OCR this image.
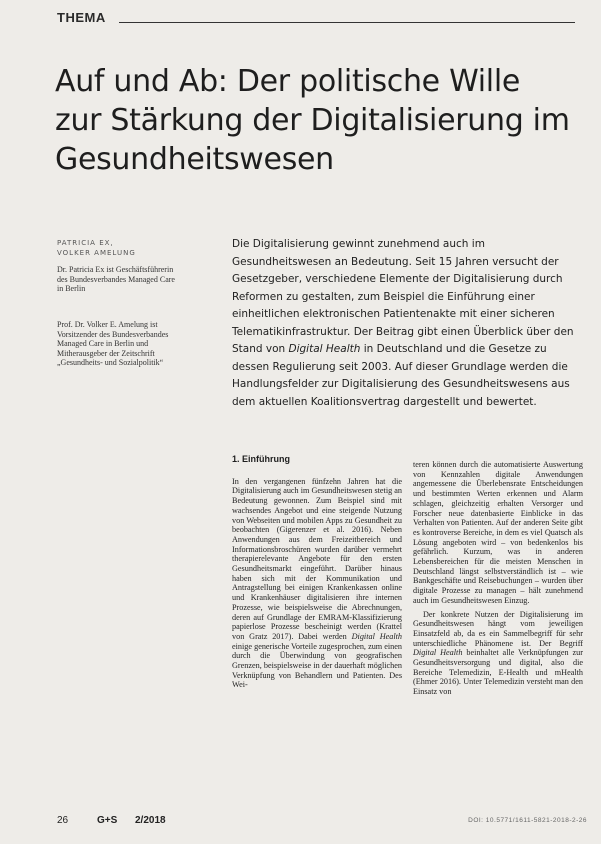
THEMA
Auf und Ab: Der politische Wille zur Stärkung der Digitalisierung im Gesundheitswesen
PATRICIA EX,
VOLKER AMELUNG
Dr. Patricia Ex ist Geschäftsführerin des Bundesverbandes Managed Care in Berlin
Prof. Dr. Volker E. Amelung ist Vorsitzender des Bundesverbandes Managed Care in Berlin und Mitherausgeber der Zeitschrift „Gesundheits- und Sozialpolitik“

Die Digitalisierung gewinnt zunehmend auch im Gesundheitswesen an Bedeutung. Seit 15 Jahren versucht der Gesetzgeber, verschiedene Elemente der Digitalisierung durch Reformen zu gestalten, zum Beispiel die Einführung einer einheitlichen elektronischen Patientenakte mit einer sicheren Telematikinfrastruktur. Der Beitrag gibt einen Überblick über den Stand von Digital Health in Deutschland und die Gesetze zu dessen Regulierung seit 2003. Auf dieser Grundlage werden die Handlungsfelder zur Digitalisierung des Gesundheitswesens aus dem aktuellen Koalitionsvertrag dargestellt und bewertet.

1. Einführung

In den vergangenen fünfzehn Jahren hat die Digitalisierung auch im Gesundheitswesen stetig an Bedeutung gewonnen. Zum Beispiel sind mit wachsendes Angebot und eine steigende Nutzung von Webseiten und mobilen Apps zu Gesundheit zu beobachten (Gigerenzer et al. 2016). Neben Anwendungen aus dem Freizeitbereich und Informationsbroschüren wurden darüber vermehrt therapierelevante Angebote für den ersten Gesundheitsmarkt eingeführt. Darüber hinaus haben sich mit der Kommunikation und Antragstellung bei einigen Krankenkassen online und Krankenhäuser digitalisieren ihre internen Prozesse, wie beispielsweise die Abrechnungen, deren auf Grundlage der EMRAM-Klassifizierung papierlose Prozesse bescheinigt werden (Krattel von Gratz 2017). Dabei werden Digital Health einige generische Vorteile zugesprochen, zum einen durch die Überwindung von geografischen Grenzen, beispielsweise in der dauerhaft möglichen Verknüpfung von Behandlern und Patienten. Des Wei-

teren können durch die automatisierte Auswertung von Kennzahlen digitale Anwendungen angemessene die Überlebensrate Entscheidungen und bestimmten Werten erkennen und Alarm schlagen, gleichzeitig erhalten Versorger und Forscher neue datenbasierte Einblicke in das Verhalten von Patienten. Auf der anderen Seite gibt es kontroverse Bereiche, in dem es viel Quatsch als Lösung angeboten wird – von bedenkenlos bis gefährlich. Kurzum, was in anderen Lebensbereichen für die meisten Menschen in Deutschland längst selbstverständlich ist – wie Bankgeschäfte und Reisebuchungen – wurden über digitale Prozesse zu managen – hält zunehmend auch im Gesundheitswesen Einzug.

Der konkrete Nutzen der Digitalisierung im Gesundheitswesen hängt vom jeweiligen Einsatzfeld ab, da es ein Sammelbegriff für sehr unterschiedliche Phänomene ist. Der Begriff Digital Health beinhaltet alle Verknüpfungen zur Gesundheitsversorgung und digital, also die Bereiche Telemedizin, E-Health und mHealth (Ehmer 2016). Unter Telemedizin versteht man den Einsatz von

26	G+S 2/2018	DOI: 10.5771/1611-5821-2018-2-26
